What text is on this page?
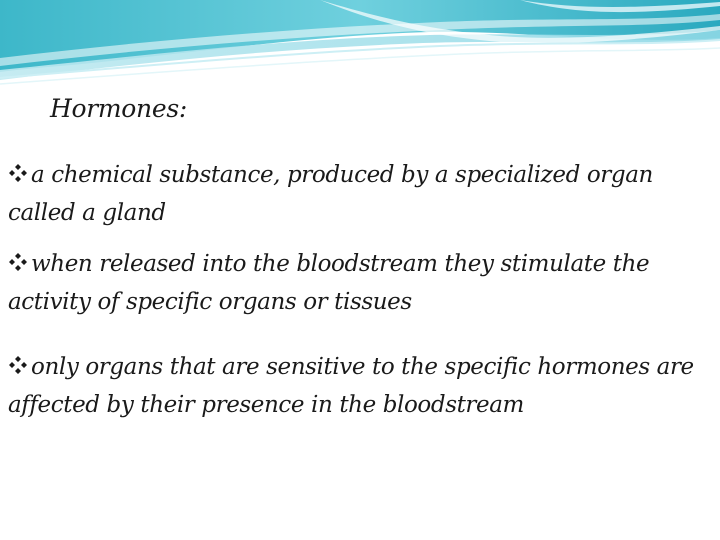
Hormones:
a chemical substance, produced by a specialized organ called a gland
when released into the bloodstream they stimulate the activity of specific organs or tissues
only organs that are sensitive to the specific hormones are affected by their presence in the bloodstream
